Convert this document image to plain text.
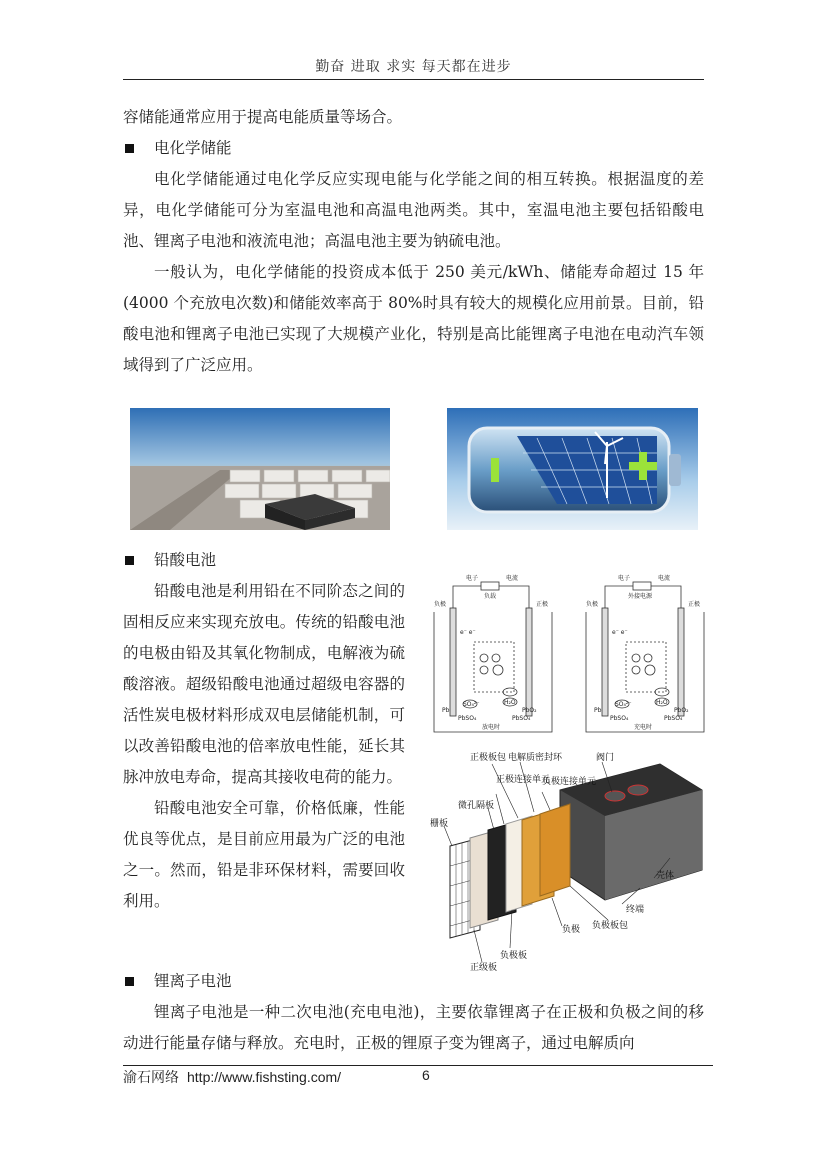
勤奋 进取 求实 每天都在进步

容储能通常应用于提高电能质量等场合。

电化学储能

电化学储能通过电化学反应实现电能与化学能之间的相互转换。根据温度的差异，电化学储能可分为室温电池和高温电池两类。其中，室温电池主要包括铅酸电池、锂离子电池和液流电池；高温电池主要为钠硫电池。

一般认为，电化学储能的投资成本低于 250 美元/kWh、储能寿命超过 15 年(4000 个充放电次数)和储能效率高于 80%时具有较大的规模化应用前景。目前，铅酸电池和锂离子电池已实现了大规模产业化，特别是高比能锂离子电池在电动汽车领域得到了广泛应用。

铅酸电池

铅酸电池是利用铅在不同阶态之间的固相反应来实现充放电。传统的铅酸电池的电极由铅及其氧化物制成，电解液为硫酸溶液。超级铅酸电池通过超级电容器的活性炭电极材料形成双电层储能机制，可以改善铅酸电池的倍率放电性能，延长其脉冲放电寿命，提高其接收电荷的能力。

铅酸电池安全可靠，价格低廉，性能优良等优点，是目前应用最为广泛的电池之一。然而，铅是非环保材料，需要回收利用。

电子	电流
负载
负极	正极
e⁻ e⁻
SO₄²⁻	H₂O
Pb
PbSO₄
PbO₂
PbSO₄
放电时
电子	电流
外接电源
负极	正极
e⁻ e⁻
SO₄²⁻	H₂O
Pb
PbSO₄
PbO₂
PbSO₄
充电时
正极板包 电解质密封环	阀门
正极连接单元
负极连接单元
微孔隔板
栅板
壳体
终端
负极板包
负极
负极板
正级板

锂离子电池

锂离子电池是一种二次电池(充电电池)，主要依靠锂离子在正极和负极之间的移动进行能量存储与释放。充电时，正极的锂原子变为锂离子，通过电解质向

渝石网络 http://www.fishsting.com/	6
